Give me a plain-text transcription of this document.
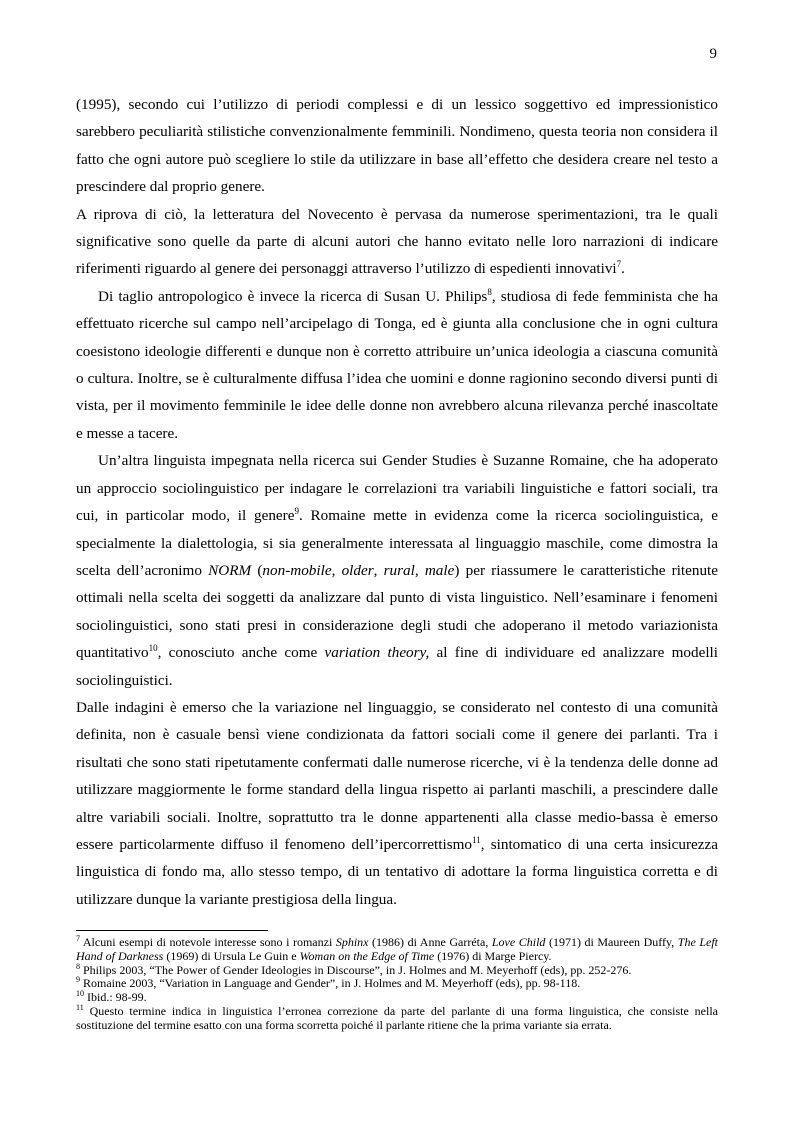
9

(1995), secondo cui l’utilizzo di periodi complessi e di un lessico soggettivo ed impressionistico sarebbero peculiarità stilistiche convenzionalmente femminili. Nondimeno, questa teoria non considera il fatto che ogni autore può scegliere lo stile da utilizzare in base all’effetto che desidera creare nel testo a prescindere dal proprio genere.

A riprova di ciò, la letteratura del Novecento è pervasa da numerose sperimentazioni, tra le quali significative sono quelle da parte di alcuni autori che hanno evitato nelle loro narrazioni di indicare riferimenti riguardo al genere dei personaggi attraverso l’utilizzo di espedienti innovativi$^7$.

Di taglio antropologico è invece la ricerca di Susan U. Philips$^8$, studiosa di fede femminista che ha effettuato ricerche sul campo nell’arcipelago di Tonga, ed è giunta alla conclusione che in ogni cultura coesistono ideologie differenti e dunque non è corretto attribuire un’unica ideologia a ciascuna comunità o cultura. Inoltre, se è culturalmente diffusa l’idea che uomini e donne ragionino secondo diversi punti di vista, per il movimento femminile le idee delle donne non avrebbero alcuna rilevanza perché inascoltate e messe a tacere.

Un’altra linguista impegnata nella ricerca sui Gender Studies è Suzanne Romaine, che ha adoperato un approccio sociolinguistico per indagare le correlazioni tra variabili linguistiche e fattori sociali, tra cui, in particolar modo, il genere$^9$. Romaine mette in evidenza come la ricerca sociolinguistica, e specialmente la dialettologia, si sia generalmente interessata al linguaggio maschile, come dimostra la scelta dell’acronimo NORM (non-mobile, older, rural, male) per riassumere le caratteristiche ritenute ottimali nella scelta dei soggetti da analizzare dal punto di vista linguistico. Nell’esaminare i fenomeni sociolinguistici, sono stati presi in considerazione degli studi che adoperano il metodo variazionista quantitativo$^{10}$, conosciuto anche come variation theory, al fine di individuare ed analizzare modelli sociolinguistici.

Dalle indagini è emerso che la variazione nel linguaggio, se considerato nel contesto di una comunità definita, non è casuale bensì viene condizionata da fattori sociali come il genere dei parlanti. Tra i risultati che sono stati ripetutamente confermati dalle numerose ricerche, vi è la tendenza delle donne ad utilizzare maggiormente le forme standard della lingua rispetto ai parlanti maschili, a prescindere dalle altre variabili sociali. Inoltre, soprattutto tra le donne appartenenti alla classe medio-bassa è emerso essere particolarmente diffuso il fenomeno dell’ipercorrettismo$^{11}$, sintomatico di una certa insicurezza linguistica di fondo ma, allo stesso tempo, di un tentativo di adottare la forma linguistica corretta e di utilizzare dunque la variante prestigiosa della lingua.

$^7$ Alcuni esempi di notevole interesse sono i romanzi Sphinx (1986) di Anne Garréta, Love Child (1971) di Maureen Duffy, The Left Hand of Darkness (1969) di Ursula Le Guin e Woman on the Edge of Time (1976) di Marge Piercy.

$^8$ Philips 2003, “The Power of Gender Ideologies in Discourse”, in J. Holmes and M. Meyerhoff (eds), pp. 252-276.

$^9$ Romaine 2003, “Variation in Language and Gender”, in J. Holmes and M. Meyerhoff (eds), pp. 98-118.

$^{10}$ Ibid.: 98-99.

$^{11}$ Questo termine indica in linguistica l’erronea correzione da parte del parlante di una forma linguistica, che consiste nella sostituzione del termine esatto con una forma scorretta poiché il parlante ritiene che la prima variante sia errata.
